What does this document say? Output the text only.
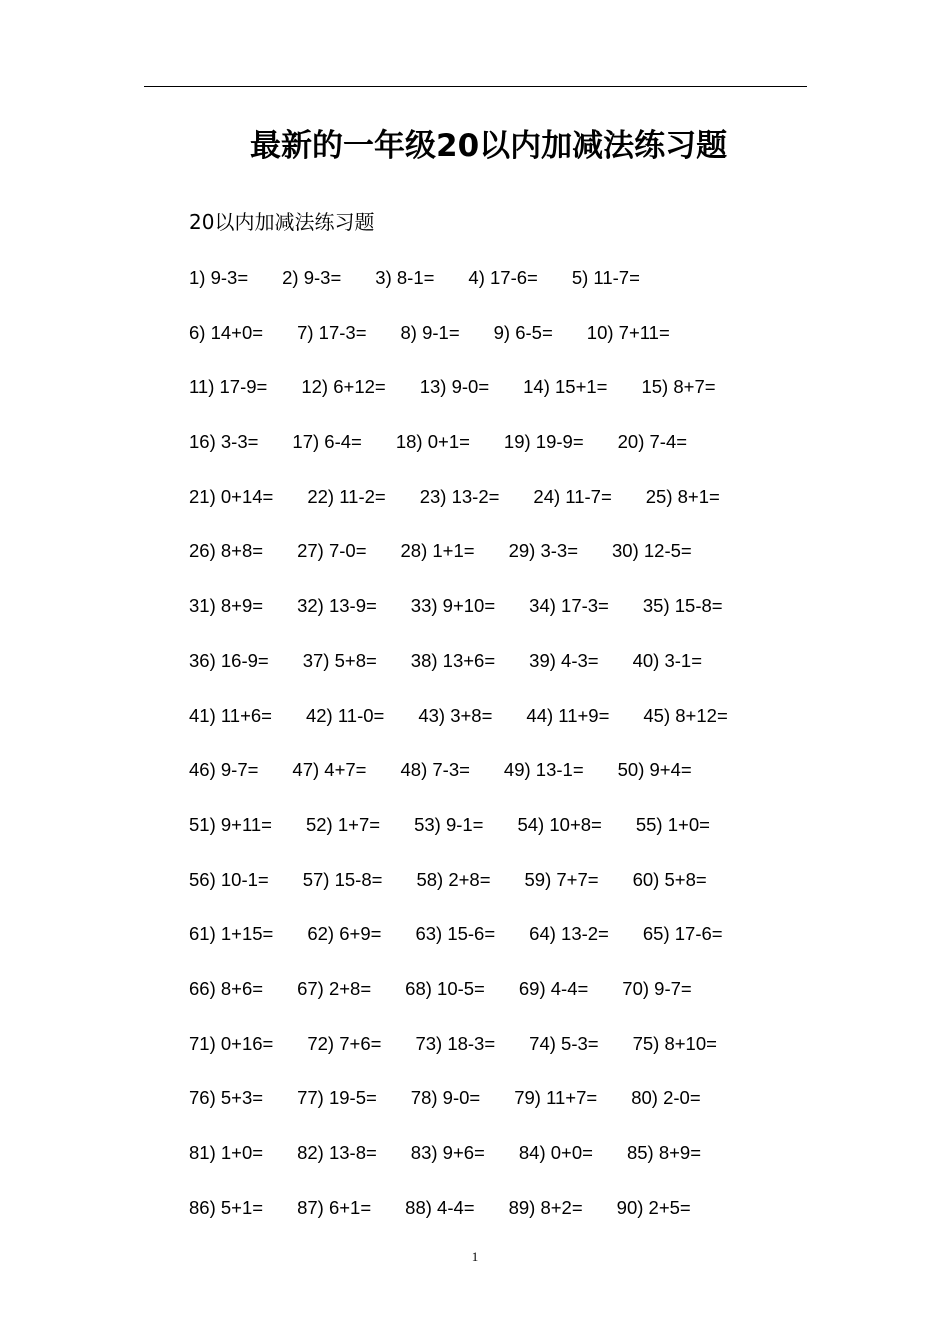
最新的一年级20以内加减法练习题
20以内加减法练习题
1) 9-3= 2) 9-3= 3) 8-1= 4) 17-6= 5) 11-7=
6) 14+0= 7) 17-3= 8) 9-1= 9) 6-5= 10) 7+11=
11) 17-9= 12) 6+12= 13) 9-0= 14) 15+1= 15) 8+7=
16) 3-3= 17) 6-4= 18) 0+1= 19) 19-9= 20) 7-4=
21) 0+14= 22) 11-2= 23) 13-2= 24) 11-7= 25) 8+1=
26) 8+8= 27) 7-0= 28) 1+1= 29) 3-3= 30) 12-5=
31) 8+9= 32) 13-9= 33) 9+10= 34) 17-3= 35) 15-8=
36) 16-9= 37) 5+8= 38) 13+6= 39) 4-3= 40) 3-1=
41) 11+6= 42) 11-0= 43) 3+8= 44) 11+9= 45) 8+12=
46) 9-7= 47) 4+7= 48) 7-3= 49) 13-1= 50) 9+4=
51) 9+11= 52) 1+7= 53) 9-1= 54) 10+8= 55) 1+0=
56) 10-1= 57) 15-8= 58) 2+8= 59) 7+7= 60) 5+8=
61) 1+15= 62) 6+9= 63) 15-6= 64) 13-2= 65) 17-6=
66) 8+6= 67) 2+8= 68) 10-5= 69) 4-4= 70) 9-7=
71) 0+16= 72) 7+6= 73) 18-3= 74) 5-3= 75) 8+10=
76) 5+3= 77) 19-5= 78) 9-0= 79) 11+7= 80) 2-0=
81) 1+0= 82) 13-8= 83) 9+6= 84) 0+0= 85) 8+9=
86) 5+1= 87) 6+1= 88) 4-4= 89) 8+2= 90) 2+5=
1
